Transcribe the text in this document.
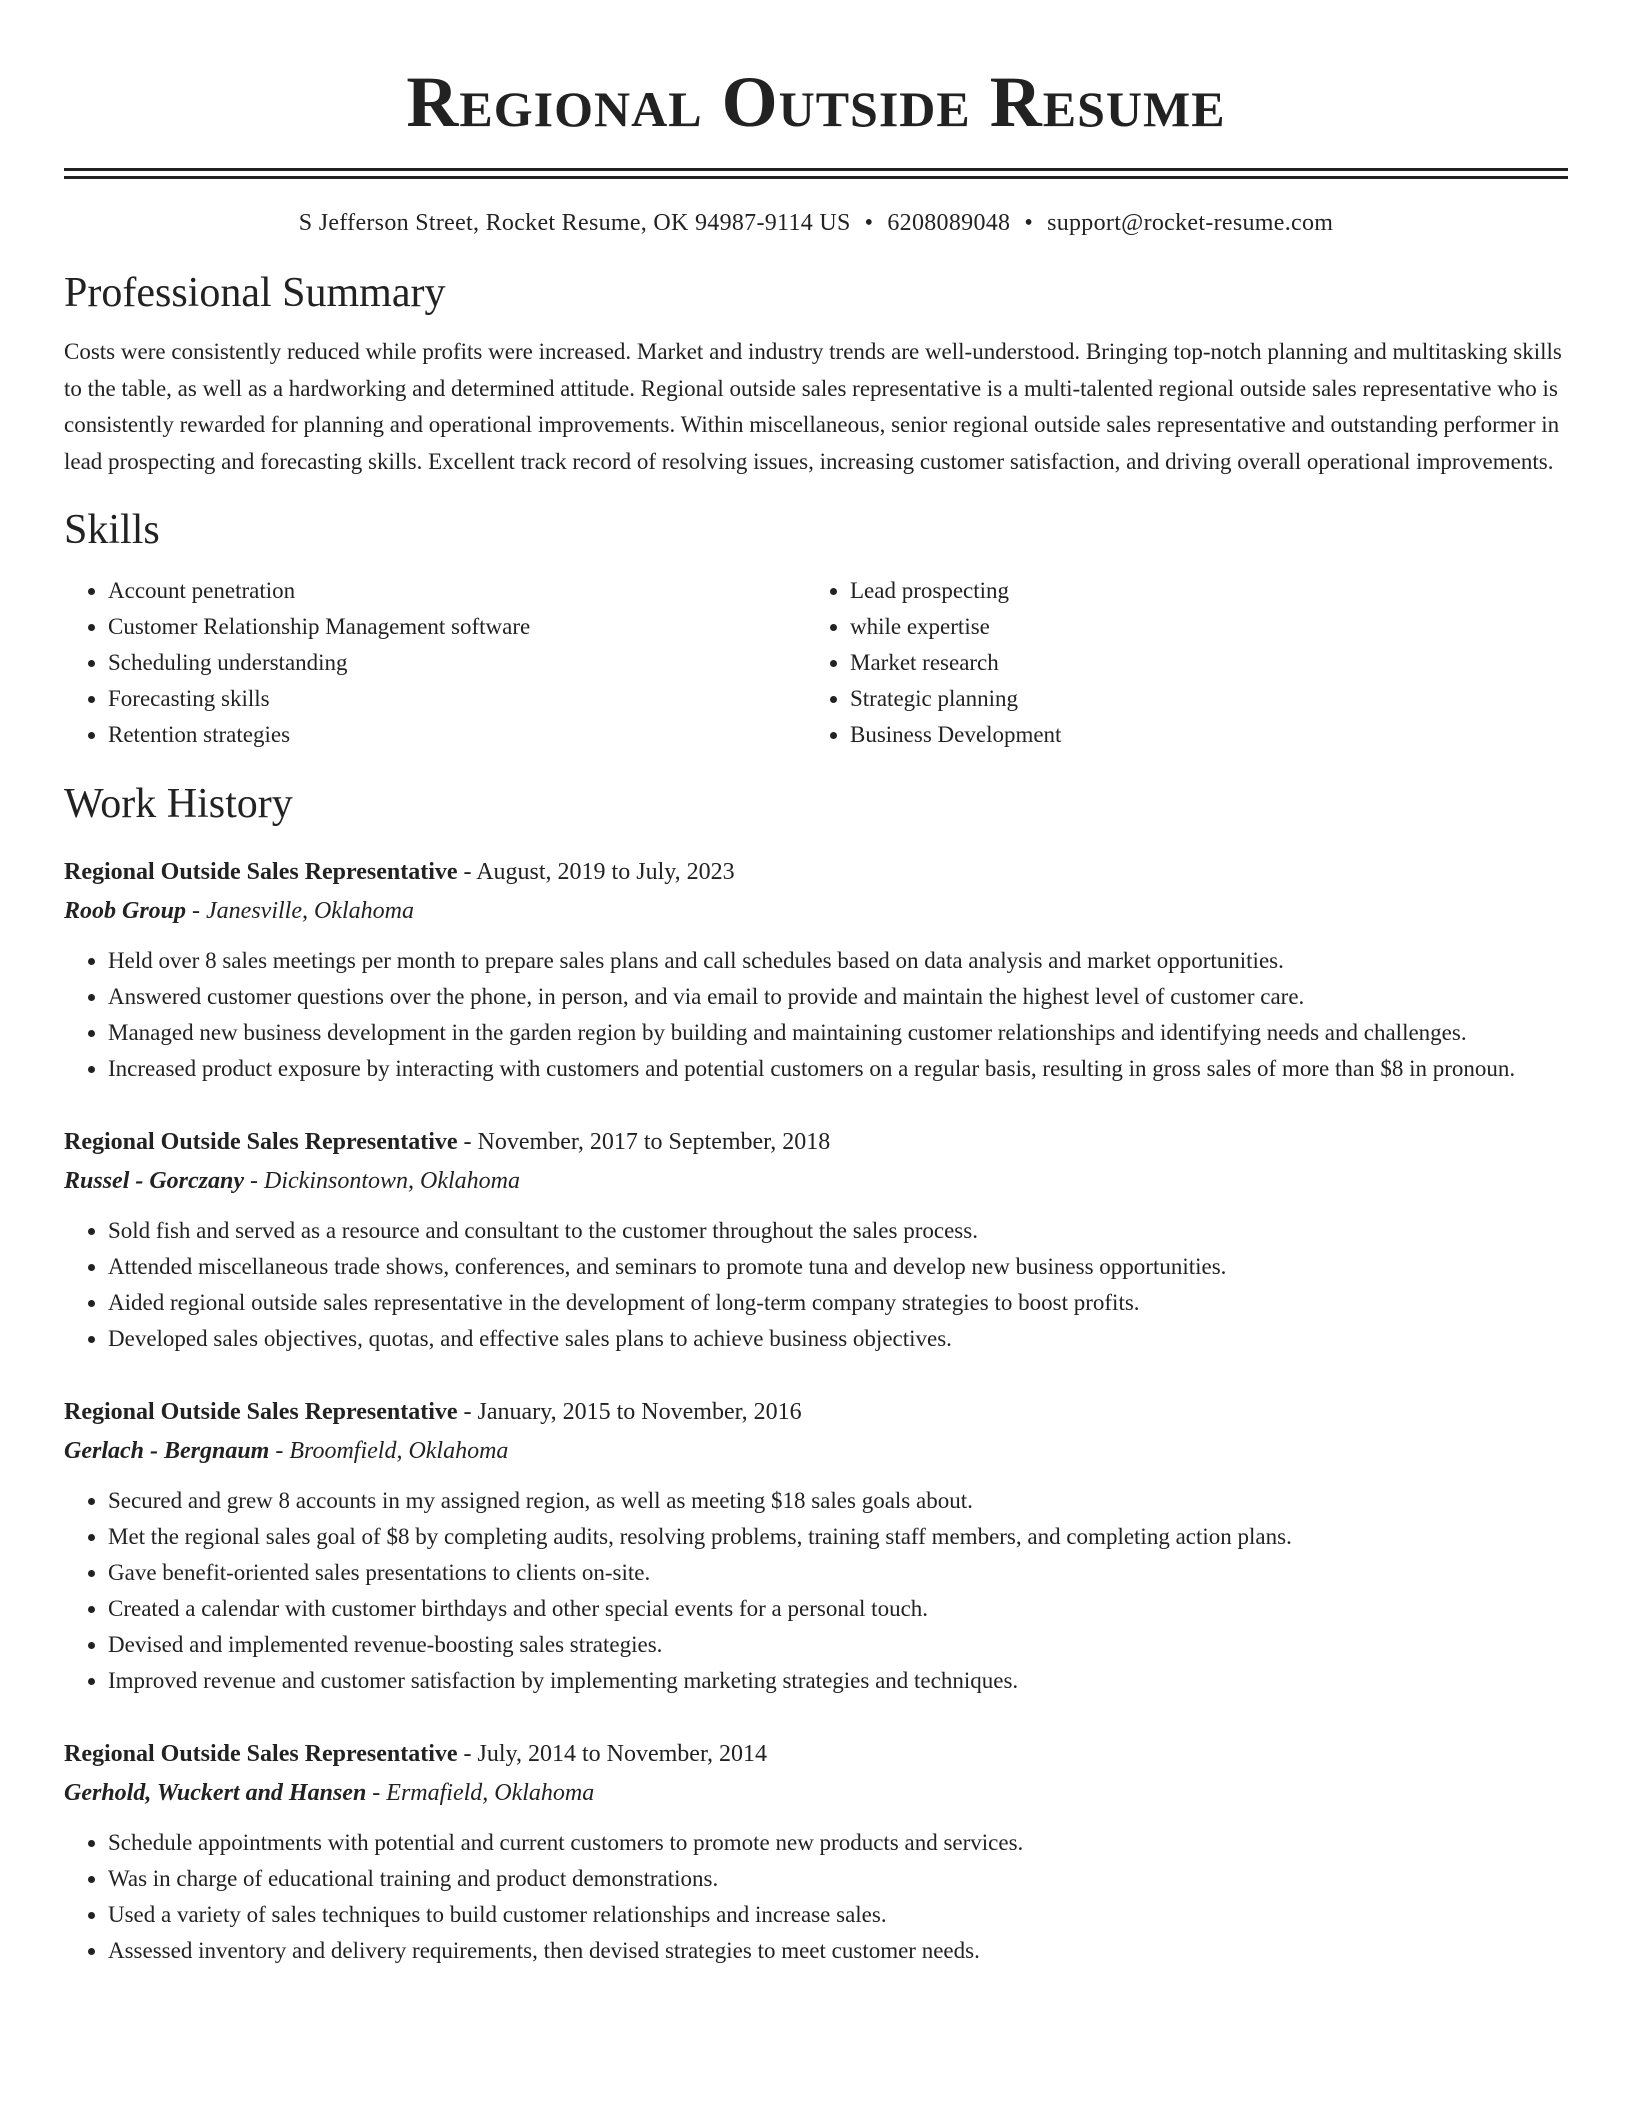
Regional Outside Resume
S Jefferson Street, Rocket Resume, OK 94987-9114 US • 6208089048 • support@rocket-resume.com
Professional Summary
Costs were consistently reduced while profits were increased. Market and industry trends are well-understood. Bringing top-notch planning and multitasking skills to the table, as well as a hardworking and determined attitude. Regional outside sales representative is a multi-talented regional outside sales representative who is consistently rewarded for planning and operational improvements. Within miscellaneous, senior regional outside sales representative and outstanding performer in lead prospecting and forecasting skills. Excellent track record of resolving issues, increasing customer satisfaction, and driving overall operational improvements.
Skills
• Account penetration
• Customer Relationship Management software
• Scheduling understanding
• Forecasting skills
• Retention strategies
• Lead prospecting
• while expertise
• Market research
• Strategic planning
• Business Development
Work History
Regional Outside Sales Representative - August, 2019 to July, 2023
Roob Group - Janesville, Oklahoma
• Held over 8 sales meetings per month to prepare sales plans and call schedules based on data analysis and market opportunities.
• Answered customer questions over the phone, in person, and via email to provide and maintain the highest level of customer care.
• Managed new business development in the garden region by building and maintaining customer relationships and identifying needs and challenges.
• Increased product exposure by interacting with customers and potential customers on a regular basis, resulting in gross sales of more than $8 in pronoun.
Regional Outside Sales Representative - November, 2017 to September, 2018
Russel - Gorczany - Dickinsontown, Oklahoma
• Sold fish and served as a resource and consultant to the customer throughout the sales process.
• Attended miscellaneous trade shows, conferences, and seminars to promote tuna and develop new business opportunities.
• Aided regional outside sales representative in the development of long-term company strategies to boost profits.
• Developed sales objectives, quotas, and effective sales plans to achieve business objectives.
Regional Outside Sales Representative - January, 2015 to November, 2016
Gerlach - Bergnaum - Broomfield, Oklahoma
• Secured and grew 8 accounts in my assigned region, as well as meeting $18 sales goals about.
• Met the regional sales goal of $8 by completing audits, resolving problems, training staff members, and completing action plans.
• Gave benefit-oriented sales presentations to clients on-site.
• Created a calendar with customer birthdays and other special events for a personal touch.
• Devised and implemented revenue-boosting sales strategies.
• Improved revenue and customer satisfaction by implementing marketing strategies and techniques.
Regional Outside Sales Representative - July, 2014 to November, 2014
Gerhold, Wuckert and Hansen - Ermafield, Oklahoma
• Schedule appointments with potential and current customers to promote new products and services.
• Was in charge of educational training and product demonstrations.
• Used a variety of sales techniques to build customer relationships and increase sales.
• Assessed inventory and delivery requirements, then devised strategies to meet customer needs.
